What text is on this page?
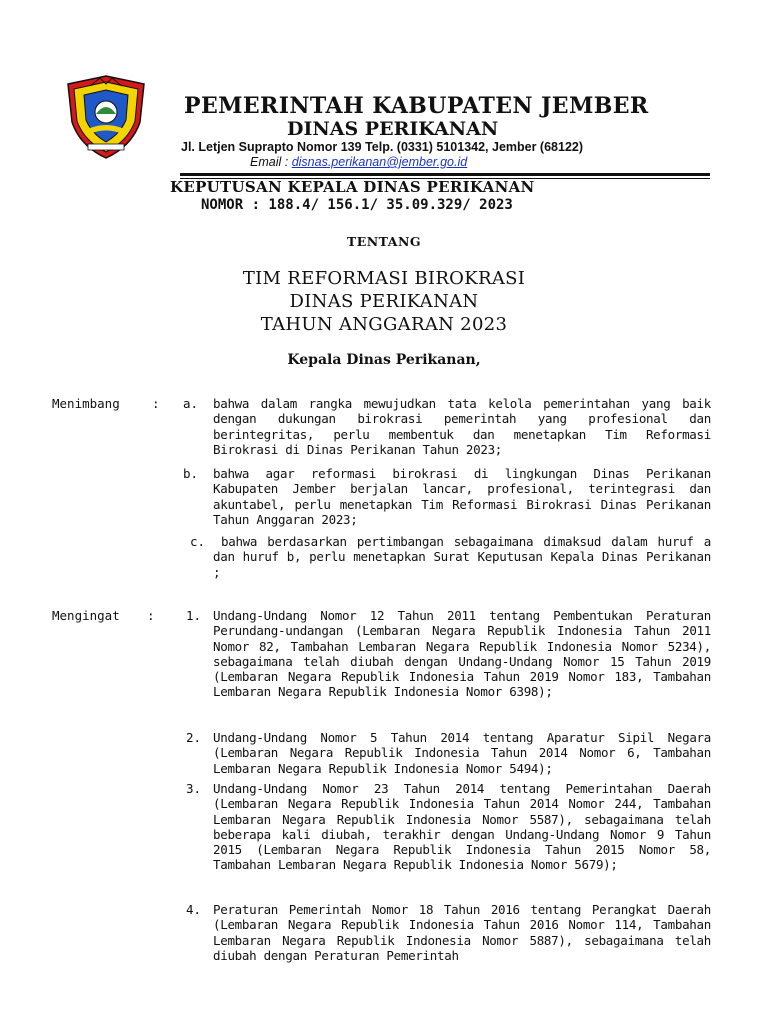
PEMERINTAH KABUPATEN JEMBER
DINAS PERIKANAN
Jl. Letjen Suprapto Nomor 139 Telp. (0331) 5101342, Jember (68122)
Email : disnas.perikanan@jember.go.id
KEPUTUSAN KEPALA DINAS PERIKANAN
NOMOR : 188.4/ 156.1/ 35.09.329/ 2023
TENTANG
TIM REFORMASI BIROKRASI
DINAS PERIKANAN
TAHUN ANGGARAN 2023
Kepala Dinas Perikanan,
Menimbang	: a. bahwa dalam rangka mewujudkan tata kelola pemerintahan yang baik dengan dukungan birokrasi pemerintah yang profesional dan berintegritas, perlu membentuk dan menetapkan Tim Reformasi Birokrasi di Dinas Perikanan Tahun 2023;
b. bahwa agar reformasi birokrasi di lingkungan Dinas Perikanan Kabupaten Jember berjalan lancar, profesional, terintegrasi dan akuntabel, perlu menetapkan Tim Reformasi Birokrasi Dinas Perikanan Tahun Anggaran 2023;
c.	bahwa berdasarkan pertimbangan sebagaimana dimaksud dalam huruf a dan huruf b, perlu menetapkan Surat Keputusan Kepala Dinas Perikanan ;
Mengingat :	1. Undang-Undang Nomor 12 Tahun 2011 tentang Pembentukan Peraturan Perundang-undangan (Lembaran Negara Republik Indonesia Tahun 2011 Nomor 82, Tambahan Lembaran Negara Republik Indonesia Nomor 5234), sebagaimana telah diubah dengan Undang-Undang Nomor 15 Tahun 2019 (Lembaran Negara Republik Indonesia Tahun 2019 Nomor 183, Tambahan Lembaran Negara Republik Indonesia Nomor 6398);
2. Undang-Undang Nomor 5 Tahun 2014 tentang Aparatur Sipil Negara (Lembaran Negara Republik Indonesia Tahun 2014 Nomor 6, Tambahan Lembaran Negara Republik Indonesia Nomor 5494);
3. Undang-Undang Nomor 23 Tahun 2014 tentang Pemerintahan Daerah (Lembaran Negara Republik Indonesia Tahun 2014 Nomor 244, Tambahan Lembaran Negara Republik Indonesia Nomor 5587), sebagaimana telah beberapa kali diubah, terakhir dengan Undang-Undang Nomor 9 Tahun 2015 (Lembaran Negara Republik Indonesia Tahun 2015 Nomor 58, Tambahan Lembaran Negara Republik Indonesia Nomor 5679);
4. Peraturan Pemerintah Nomor 18 Tahun 2016 tentang Perangkat Daerah (Lembaran Negara Republik Indonesia Tahun 2016 Nomor 114, Tambahan Lembaran Negara Republik Indonesia Nomor 5887), sebagaimana telah diubah dengan Peraturan Pemerintah
